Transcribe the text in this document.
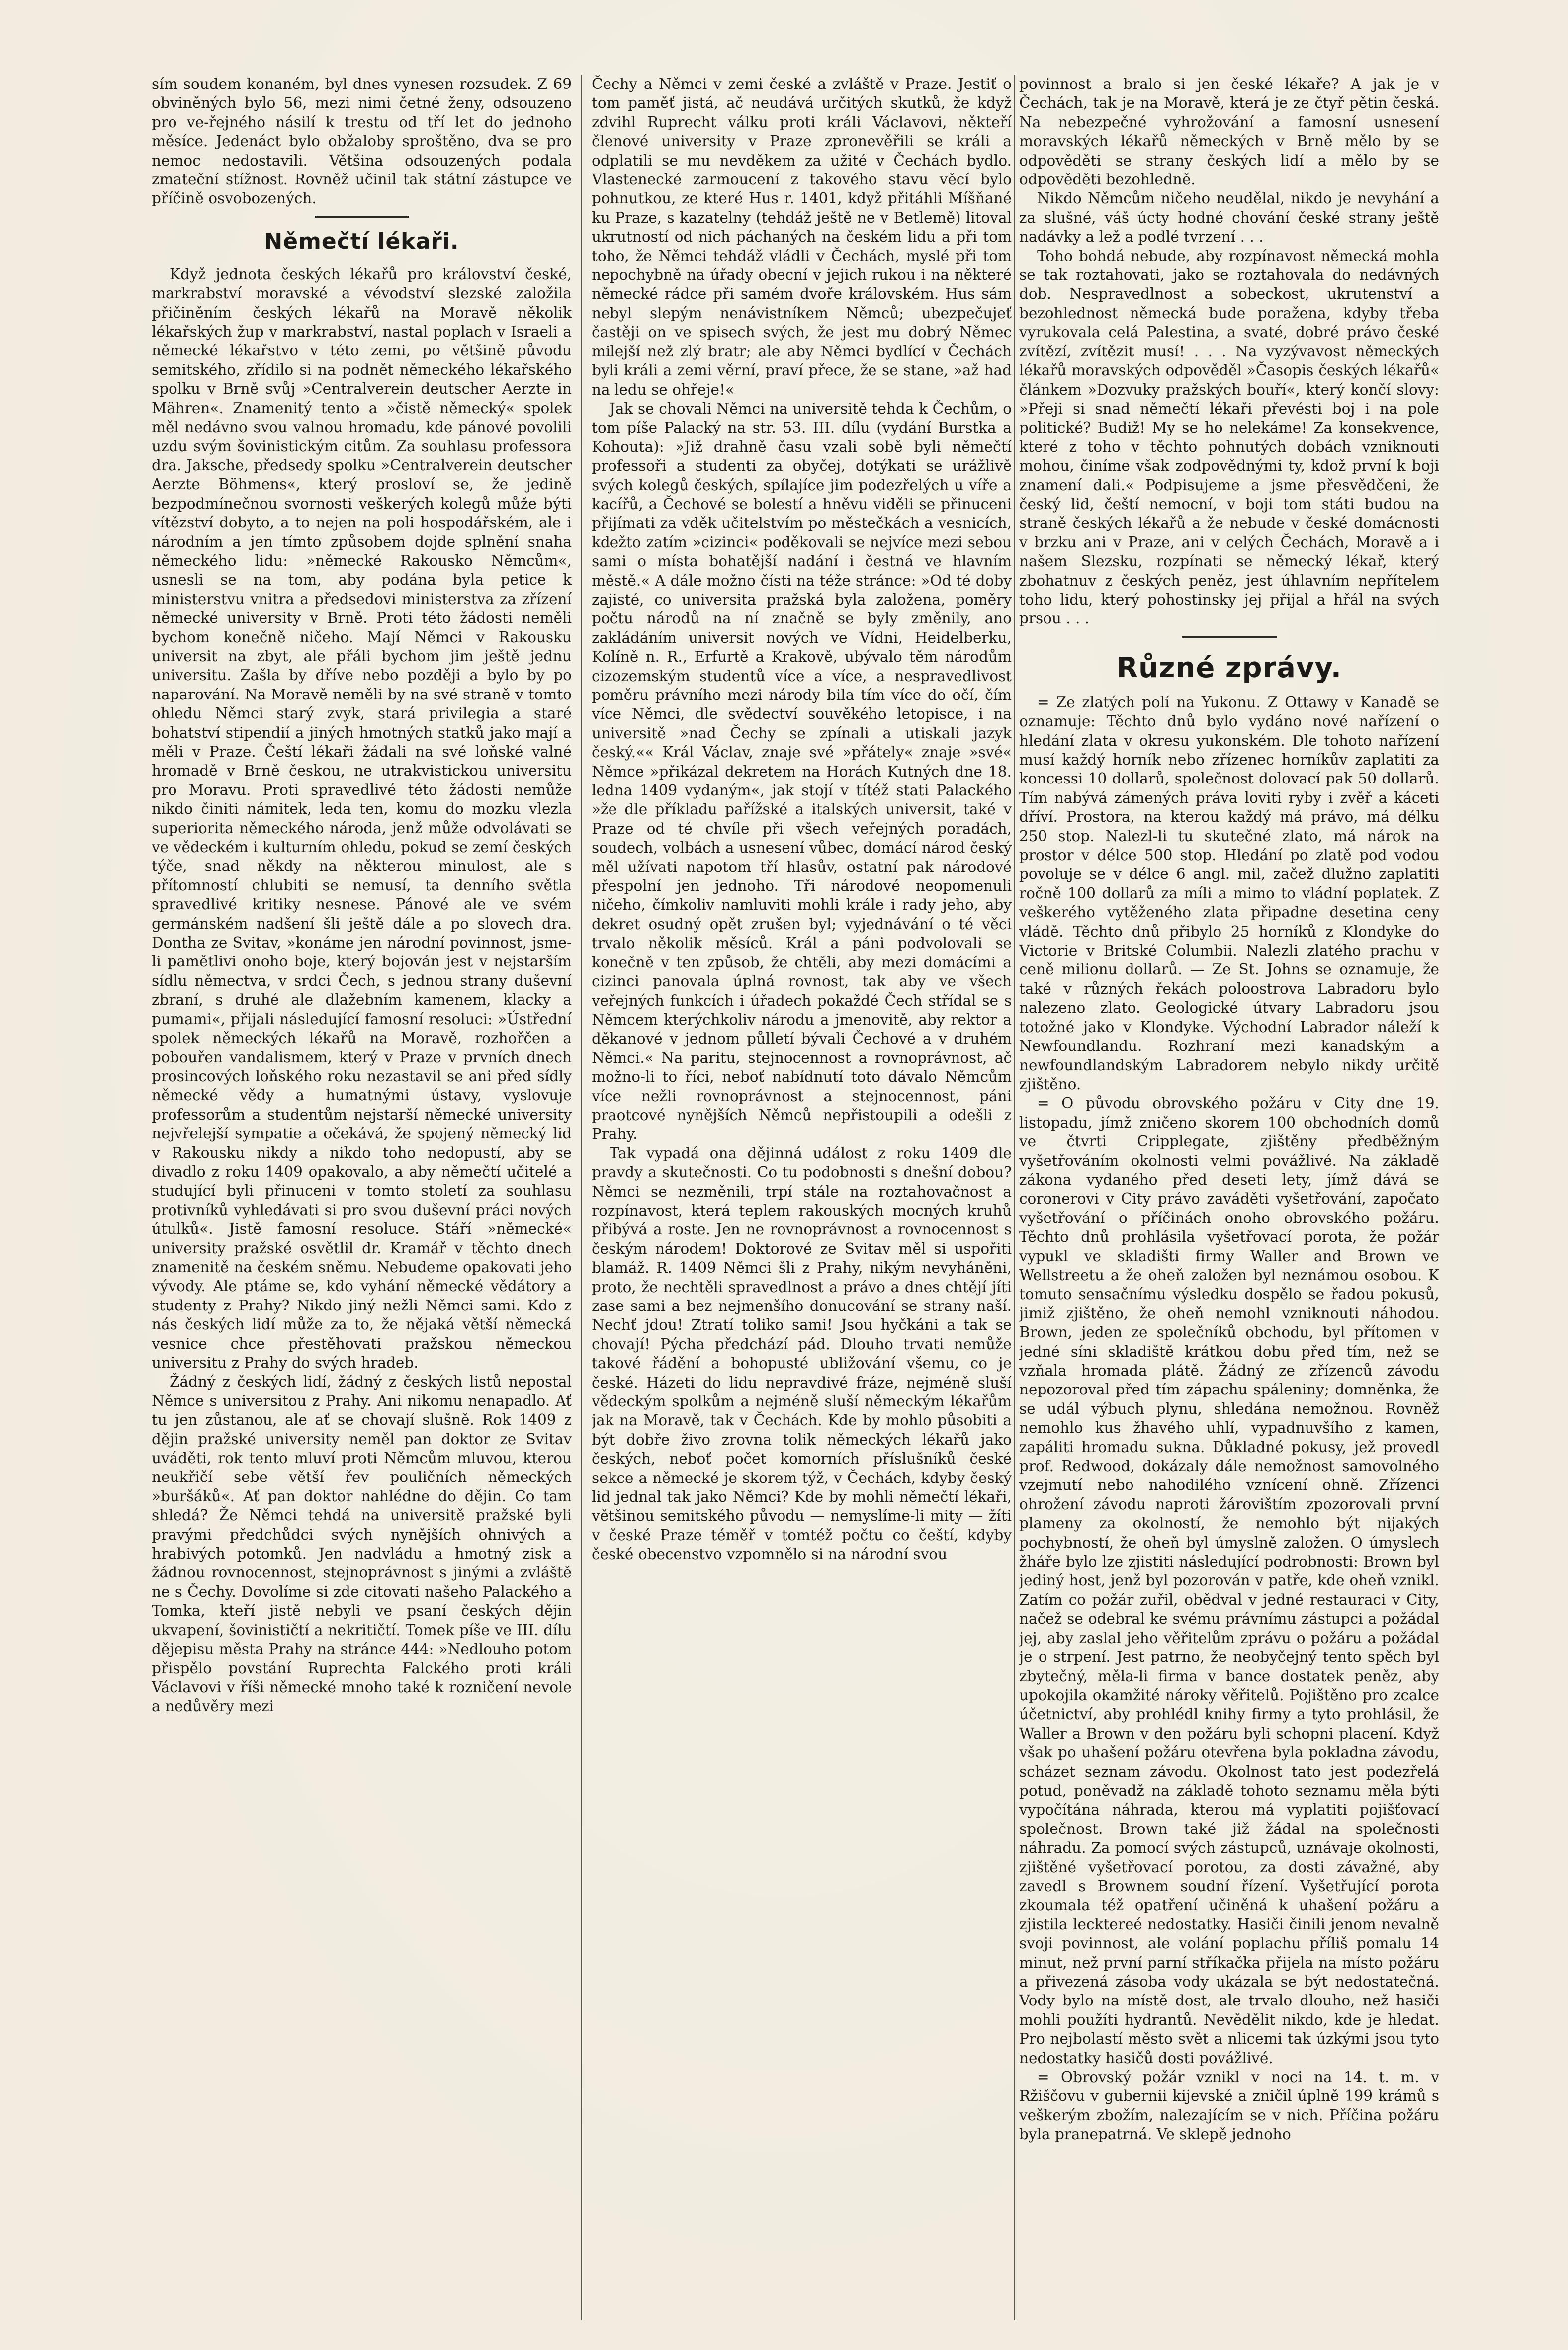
sím soudem konaném, byl dnes vynesen rozsudek. Z 69 obviněných bylo 56, mezi nimi četné ženy, odsouzeno pro ve-řejného násilí k trestu od tří let do jednoho měsíce. Jedenáct bylo obžaloby sproštěno, dva se pro nemoc nedostavili. Většina odsouzených podala zmateční stížnost. Rovněž učinil tak státní zástupce ve příčině osvobozených.

Němečtí lékaři.

Když jednota českých lékařů pro království české, markrabství moravské a vévodství slezské založila přičiněním českých lékařů na Moravě několik lékařských žup v markrabství, nastal poplach v Israeli a německé lékařstvo v této zemi, po většině původu semitského, zřídilo si na podnět německého lékařského spolku v Brně svůj »Centralverein deutscher Aerzte in Mähren«. Znamenitý tento a »čistě německý« spolek měl nedávno svou valnou hromadu, kde pánové povolili uzdu svým šovinistickým citům. Za souhlasu professora dra. Jaksche, předsedy spolku »Centralverein deutscher Aerzte Böhmens«, který prosloví se, že jedině bezpodmínečnou svornosti veškerých kolegů může býti vítězství dobyto, a to nejen na poli hospodářském, ale i národním a jen tímto způsobem dojde splnění snaha německého lidu: »německé Rakousko Němcům«, usnesli se na tom, aby podána byla petice k ministerstvu vnitra a předsedovi ministerstva za zřízení německé university v Brně. Proti této žádosti neměli bychom konečně ničeho. Mají Němci v Rakousku universit na zbyt, ale přáli bychom jim ještě jednu universitu. Zašla by dříve nebo později a bylo by po naparování. Na Moravě neměli by na své straně v tomto ohledu Němci starý zvyk, stará privilegia a staré bohatství stipendií a jiných hmotných statků jako mají a měli v Praze. Čeští lékaři žádali na své loňské valné hromadě v Brně českou, ne utrakvistickou universitu pro Moravu. Proti spravedlivé této žádosti nemůže nikdo činiti námitek, leda ten, komu do mozku vlezla superiorita německého národa, jenž může odvolávati se ve vědeckém i kulturním ohledu, pokud se zemí českých týče, snad někdy na některou minulost, ale s přítomností chlubiti se nemusí, ta denního světla spravedlivé kritiky nesnese. Pánové ale ve svém germánském nadšení šli ještě dále a po slovech dra. Dontha ze Svitav, »konáme jen národní povinnost, jsme-li pamětlivi onoho boje, který bojován jest v nejstarším sídlu němectva, v srdci Čech, s jednou strany duševní zbraní, s druhé ale dlažebním kamenem, klacky a pumami«, přijali následující famosní resoluci: »Ústřední spolek německých lékařů na Moravě, rozhořčen a pobouřen vandalismem, který v Praze v prvních dnech prosincových loňského roku nezastavil se ani před sídly německé vědy a humatnými ústavy, vyslovuje professorům a studentům nejstarší německé university nejvřelejší sympatie a očekává, že spojený německý lid v Rakousku nikdy a nikdo toho nedopustí, aby se divadlo z roku 1409 opakovalo, a aby němečtí učitelé a studující byli přinuceni v tomto století za souhlasu protivníků vyhledávati si pro svou duševní práci nových útulků«. Jistě famosní resoluce. Stáří »německé« university pražské osvětlil dr. Kramář v těchto dnech znamenitě na českém sněmu. Nebudeme opakovati jeho vývody. Ale ptáme se, kdo vyhání německé vědátory a studenty z Prahy? Nikdo jiný nežli Němci sami. Kdo z nás českých lidí může za to, že nějaká větší německá vesnice chce přestěhovati pražskou německou universitu z Prahy do svých hradeb.

Žádný z českých lidí, žádný z českých listů nepostal Němce s universitou z Prahy. Ani nikomu nenapadlo. Ať tu jen zůstanou, ale ať se chovají slušně. Rok 1409 z dějin pražské university neměl pan doktor ze Svitav uváděti, rok tento mluví proti Němcům mluvou, kterou neukřičí sebe větší řev pouličních německých »buršáků«. Ať pan doktor nahlédne do dějin. Co tam shledá? Že Němci tehdá na universitě pražské byli pravými předchůdci svých nynějších ohnivých a hrabivých potomků. Jen nadvládu a hmotný zisk a žádnou rovnocennost, stejnoprávnost s jinými a zvláště ne s Čechy. Dovolíme si zde citovati našeho Palackého a Tomka, kteří jistě nebyli ve psaní českých dějin ukvapení, šovinističtí a nekritičtí. Tomek píše ve III. dílu dějepisu města Prahy na stránce 444: »Nedlouho potom přispělo povstání Ruprechta Falckého proti králi Václavovi v říši německé mnoho také k rozničení nevole a nedůvěry mezi

Čechy a Němci v zemi české a zvláště v Praze. Jestiť o tom paměť jistá, ač neudává určitých skutků, že když zdvihl Ruprecht válku proti králi Václavovi, někteří členové university v Praze zpronevěřili se králi a odplatili se mu nevděkem za užité v Čechách bydlo. Vlastenecké zarmoucení z takového stavu věcí bylo pohnutkou, ze které Hus r. 1401, když přitáhli Míšňané ku Praze, s kazatelny (tehdáž ještě ne v Betlemě) litoval ukrutností od nich páchaných na českém lidu a při tom toho, že Němci tehdáž vládli v Čechách, myslé při tom nepochybně na úřady obecní v jejich rukou i na některé německé rádce při samém dvoře královském. Hus sám nebyl slepým nenávistníkem Němců; ubezpečujeť častěji on ve spisech svých, že jest mu dobrý Němec milejší než zlý bratr; ale aby Němci bydlící v Čechách byli králi a zemi věrní, praví přece, že se stane, »až had na ledu se ohřeje!«

Jak se chovali Němci na universitě tehda k Čechům, o tom píše Palacký na str. 53. III. dílu (vydání Burstka a Kohouta): »Již drahně času vzali sobě byli němečtí professoři a studenti za obyčej, dotýkati se urážlivě svých kolegů českých, spílajíce jim podezřelých u víře a kacířů, a Čechové se bolestí a hněvu viděli se přinuceni přijímati za vděk učitelstvím po městečkách a vesnicích, kdežto zatím »cizinci« poděkovali se nejvíce mezi sebou sami o místa bohatější nadání i čestná ve hlavním městě.« A dále možno čísti na téže stránce: »Od té doby zajisté, co universita pražská byla založena, poměry počtu národů na ní značně se byly změnily, ano zakládáním universit nových ve Vídni, Heidelberku, Kolíně n. R., Erfurtě a Krakově, ubývalo těm národům cizozemským studentů více a více, a nespravedlivost poměru právního mezi národy bila tím více do očí, čím více Němci, dle svědectví souvěkého letopisce, i na universitě »nad Čechy se zpínali a utiskali jazyk český.«« Král Václav, znaje své »přátely« znaje »své« Němce »přikázal dekretem na Horách Kutných dne 18. ledna 1409 vydaným«, jak stojí v títéž stati Palackého »že dle příkladu pařížské a italských universit, také v Praze od té chvíle při všech veřejných poradách, soudech, volbách a usnesení vůbec, domácí národ český měl užívati napotom tří hlasův, ostatní pak národové přespolní jen jednoho. Tři národové neopomenuli ničeho, čímkoliv namluviti mohli krále i rady jeho, aby dekret osudný opět zrušen byl; vyjednávání o té věci trvalo několik měsíců. Král a páni podvolovali se konečně v ten způsob, že chtěli, aby mezi domácími a cizinci panovala úplná rovnost, tak aby ve všech veřejných funkcích i úřadech pokaždé Čech střídal se s Němcem kterýchkoliv národu a jmenovitě, aby rektor a děkanové v jednom půlletí bývali Čechové a v druhém Němci.« Na paritu, stejnocennost a rovnoprávnost, ač možno-li to říci, neboť nabídnutí toto dávalo Němcům více nežli rovnoprávnost a stejnocennost, páni praotcové nynějších Němců nepřistoupili a odešli z Prahy.

Tak vypadá ona dějinná událost z roku 1409 dle pravdy a skutečnosti. Co tu podobnosti s dnešní dobou? Němci se nezměnili, trpí stále na roztahovačnost a rozpínavost, která teplem rakouských mocných kruhů přibývá a roste. Jen ne rovnoprávnost a rovnocennost s českým národem! Doktorové ze Svitav měl si uspořiti blamáž. R. 1409 Němci šli z Prahy, nikým nevyháněni, proto, že nechtěli spravedlnost a právo a dnes chtějí jíti zase sami a bez nejmenšího donucování se strany naší. Nechť jdou! Ztratí toliko sami! Jsou hyčkáni a tak se chovají! Pýcha předchází pád. Dlouho trvati nemůže takové řádění a bohopusté ubližování všemu, co je české. Házeti do lidu nepravdivé fráze, nejméně sluší vědeckým spolkům a nejméně sluší německým lékařům jak na Moravě, tak v Čechách. Kde by mohlo působiti a být dobře živo zrovna tolik německých lékařů jako českých, neboť počet komorních příslušníků české sekce a německé je skorem týž, v Čechách, kdyby český lid jednal tak jako Němci? Kde by mohli němečtí lékaři, většinou semitského původu — nemyslíme-li mity — žíti v české Praze téměř v tomtéž počtu co čeští, kdyby české obecenstvo vzpomnělo si na národní svou

povinnost a bralo si jen české lékaře? A jak je v Čechách, tak je na Moravě, která je ze čtyř pětin česká. Na nebezpečné vyhrožování a famosní usnesení moravských lékařů německých v Brně mělo by se odpověděti se strany českých lidí a mělo by se odpověděti bezohledně.

Nikdo Němcům ničeho neudělal, nikdo je nevyhání a za slušné, váš úcty hodné chování české strany ještě nadávky a lež a podlé tvrzení . . .

Toho bohdá nebude, aby rozpínavost německá mohla se tak roztahovati, jako se roztahovala do nedávných dob. Nespravedlnost a sobeckost, ukrutenství a bezohlednost německá bude poražena, kdyby třeba vyrukovala celá Palestina, a svaté, dobré právo české zvítězí, zvítězit musí! . . . Na vyzývavost německých lékařů moravských odpověděl »Časopis českých lékařů« článkem »Dozvuky pražských bouří«, který končí slovy: »Přeji si snad němečtí lékaři převésti boj i na pole politické? Budiž! My se ho nelekáme! Za konsekvence, které z toho v těchto pohnutých dobách vzniknouti mohou, činíme však zodpovědnými ty, kdož první k boji znamení dali.« Podpisujeme a jsme přesvědčeni, že český lid, čeští nemocní, v boji tom státi budou na straně českých lékařů a že nebude v české domácnosti v brzku ani v Praze, ani v celých Čechách, Moravě a i našem Slezsku, rozpínati se německý lékař, který zbohatnuv z českých peněz, jest úhlavním nepřítelem toho lidu, který pohostinsky jej přijal a hřál na svých prsou . . .

Různé zprávy.

= Ze zlatých polí na Yukonu. Z Ottawy v Kanadě se oznamuje: Těchto dnů bylo vydáno nové nařízení o hledání zlata v okresu yukonském. Dle tohoto nařízení musí každý horník nebo zřízenec horníkův zaplatiti za koncessi 10 dollarů, společnost dolovací pak 50 dollarů. Tím nabývá zámených práva loviti ryby i zvěř a káceti dříví. Prostora, na kterou každý má právo, má délku 250 stop. Nalezl-li tu skutečné zlato, má nárok na prostor v délce 500 stop. Hledání po zlatě pod vodou povoluje se v délce 6 angl. mil, začež dlužno zaplatiti ročně 100 dollarů za míli a mimo to vládní poplatek. Z veškerého vytěženého zlata připadne desetina ceny vládě. Těchto dnů přibylo 25 horníků z Klondyke do Victorie v Britské Columbii. Nalezli zlatého prachu v ceně milionu dollarů. — Ze St. Johns se oznamuje, že také v různých řekách poloostrova Labradoru bylo nalezeno zlato. Geologické útvary Labradoru jsou totožné jako v Klondyke. Východní Labrador náleží k Newfoundlandu. Rozhraní mezi kanadským a newfoundlandským Labradorem nebylo nikdy určitě zjištěno.

= O původu obrovského požáru v City dne 19. listopadu, jímž zničeno skorem 100 obchodních domů ve čtvrti Cripplegate, zjištěny předběžným vyšetřováním okolnosti velmi povážlivé. Na základě zákona vydaného před deseti lety, jímž dává se coronerovi v City právo zaváděti vyšetřování, započato vyšetřování o příčinách onoho obrovského požáru. Těchto dnů prohlásila vyšetřovací porota, že požár vypukl ve skladišti firmy Waller and Brown ve Wellstreetu a že oheň založen byl neznámou osobou. K tomuto sensačnímu výsledku dospělo se řadou pokusů, jimiž zjištěno, že oheň nemohl vzniknouti náhodou. Brown, jeden ze společníků obchodu, byl přítomen v jedné síni skladiště krátkou dobu před tím, než se vzňala hromada plátě. Žádný ze zřízenců závodu nepozoroval před tím zápachu spáleniny; domněnka, že se udál výbuch plynu, shledána nemožnou. Rovněž nemohlo kus žhavého uhlí, vypadnuvšího z kamen, zapáliti hromadu sukna. Důkladné pokusy, jež provedl prof. Redwood, dokázaly dále nemožnost samovolného vzejmutí nebo nahodilého vznícení ohně. Zřízenci ohrožení závodu naproti žárovištím zpozorovali první plameny za okolností, že nemohlo být nijakých pochybností, že oheň byl úmyslně založen. O úmyslech žháře bylo lze zjistiti následující podrobnosti: Brown byl jediný host, jenž byl pozorován v patře, kde oheň vznikl. Zatím co požár zuřil, obědval v jedné restauraci v City, načež se odebral ke svému právnímu zástupci a požádal jej, aby zaslal jeho věřitelům zprávu o požáru a požádal je o strpení. Jest patrno, že neobyčejný tento spěch byl zbytečný, měla-li firma v bance dostatek peněz, aby upokojila okamžité nároky věřitelů. Pojištěno pro zcalce účetnictví, aby prohlédl knihy firmy a tyto prohlásil, že Waller a Brown v den požáru byli schopni placení. Když však po uhašení požáru otevřena byla pokladna závodu, scházet seznam závodu. Okolnost tato jest podezřelá potud, poněvadž na základě tohoto seznamu měla býti vypočítána náhrada, kterou má vyplatiti pojišťovací společnost. Brown také již žádal na společnosti náhradu. Za pomocí svých zástupců, uznávaje okolnosti, zjištěné vyšetřovací porotou, za dosti závažné, aby zavedl s Brownem soudní řízení. Vyšetřující porota zkoumala též opatření učiněná k uhašení požáru a zjistila lecktereé nedostatky. Hasiči činili jenom nevalně svoji povinnost, ale volání poplachu příliš pomalu 14 minut, než první parní stříkačka přijela na místo požáru a přivezená zásoba vody ukázala se být nedostatečná. Vody bylo na místě dost, ale trvalo dlouho, než hasiči mohli použíti hydrantů. Nevědělit nikdo, kde je hledat. Pro nejbolastí město svět a nlicemi tak úzkými jsou tyto nedostatky hasičů dosti povážlivé.

= Obrovský požár vznikl v noci na 14. t. m. v Ržiščovu v gubernii kijevské a zničil úplně 199 krámů s veškerým zbožím, nalezajícím se v nich. Příčina požáru byla pranepatrná. Ve sklepě jednoho
